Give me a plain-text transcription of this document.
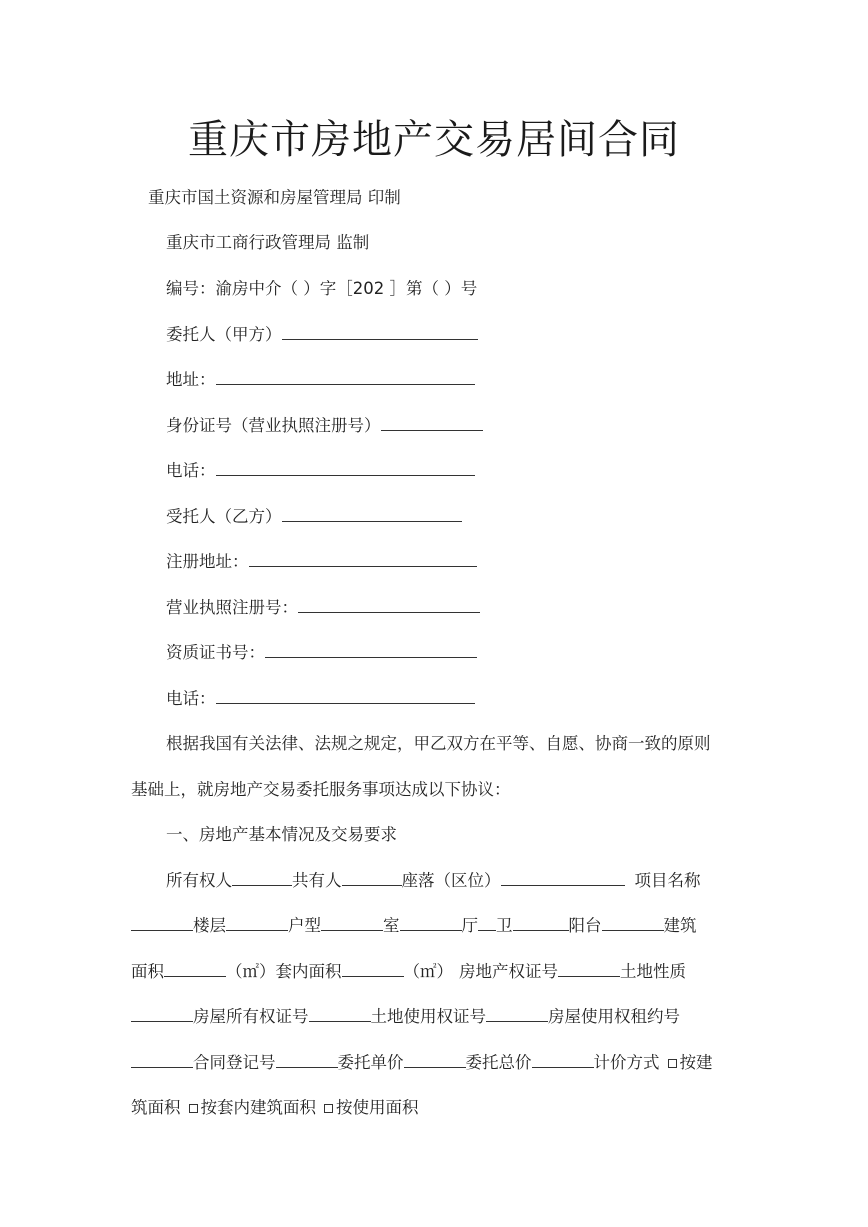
重庆市房地产交易居间合同
重庆市国土资源和房屋管理局 印制
重庆市工商行政管理局 监制
编号：渝房中介（ ）字［202 ］第（ ）号
委托人（甲方）
地址：
身份证号（营业执照注册号）
电话：
受托人（乙方）
注册地址：
营业执照注册号：
资质证书号：
电话：
根据我国有关法律、法规之规定，甲乙双方在平等、自愿、协商一致的原则
基础上，就房地产交易委托服务事项达成以下协议：
一、房地产基本情况及交易要求
所有权人	共有人	座落（区位）	项目名称
楼层	户型	室	厅 卫	阳台	建筑
面积	（㎡）套内面积	（㎡） 房地产权证号	土地性质
房屋所有权证号	土地使用权证号	房屋使用权租约号
合同登记号	委托单价	委托总价	计价方式 按建
筑面积 按套内建筑面积 按使用面积
